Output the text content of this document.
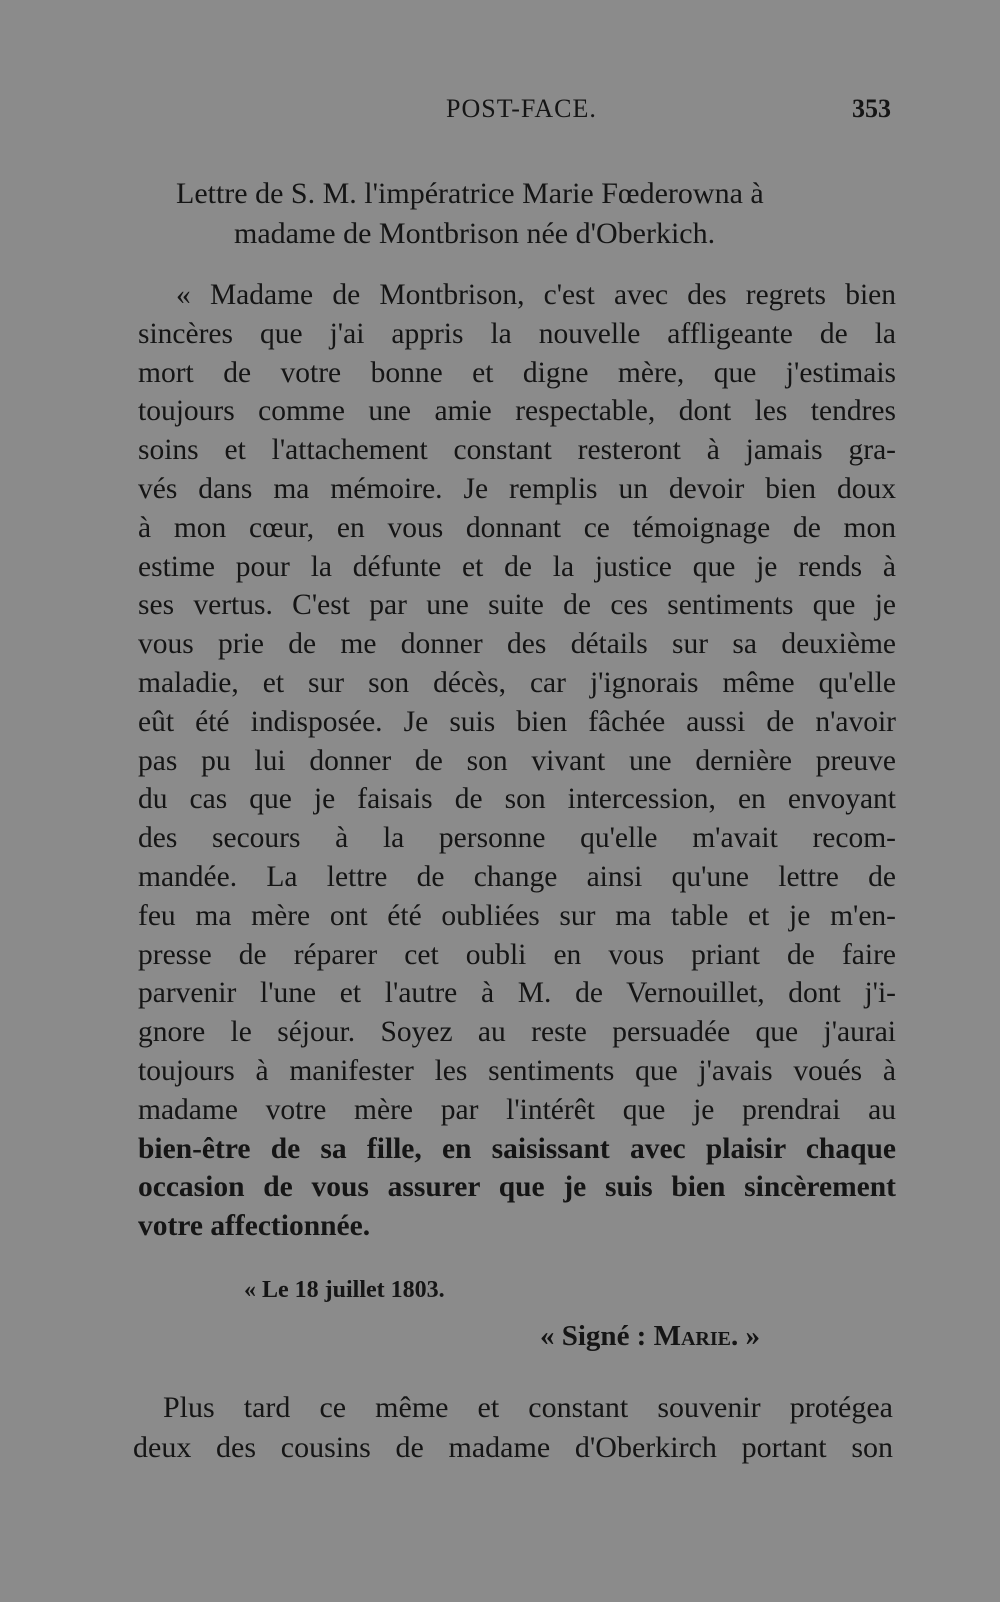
POST-FACE.	353
Lettre de S. M. l'impératrice Marie Fœderowna à
madame de Montbrison née d'Oberkich.
« Madame de Montbrison, c'est avec des regrets bien
sincères que j'ai appris la nouvelle affligeante de la
mort de votre bonne et digne mère, que j'estimais
toujours comme une amie respectable, dont les tendres
soins et l'attachement constant resteront à jamais gra-
vés dans ma mémoire. Je remplis un devoir bien doux
à mon cœur, en vous donnant ce témoignage de mon
estime pour la défunte et de la justice que je rends à
ses vertus. C'est par une suite de ces sentiments que je
vous prie de me donner des détails sur sa deuxième
maladie, et sur son décès, car j'ignorais même qu'elle
eût été indisposée. Je suis bien fâchée aussi de n'avoir
pas pu lui donner de son vivant une dernière preuve
du cas que je faisais de son intercession, en envoyant
des secours à la personne qu'elle m'avait recom-
mandée. La lettre de change ainsi qu'une lettre de
feu ma mère ont été oubliées sur ma table et je m'en-
presse de réparer cet oubli en vous priant de faire
parvenir l'une et l'autre à M. de Vernouillet, dont j'i-
gnore le séjour. Soyez au reste persuadée que j'aurai
toujours à manifester les sentiments que j'avais voués à
madame votre mère par l'intérêt que je prendrai au
bien-être de sa fille, en saisissant avec plaisir chaque
occasion de vous assurer que je suis bien sincèrement
votre affectionnée.
« Le 18 juillet 1803.
« Signé : Marie. »
Plus tard ce même et constant souvenir protégea
deux des cousins de madame d'Oberkirch portant son
